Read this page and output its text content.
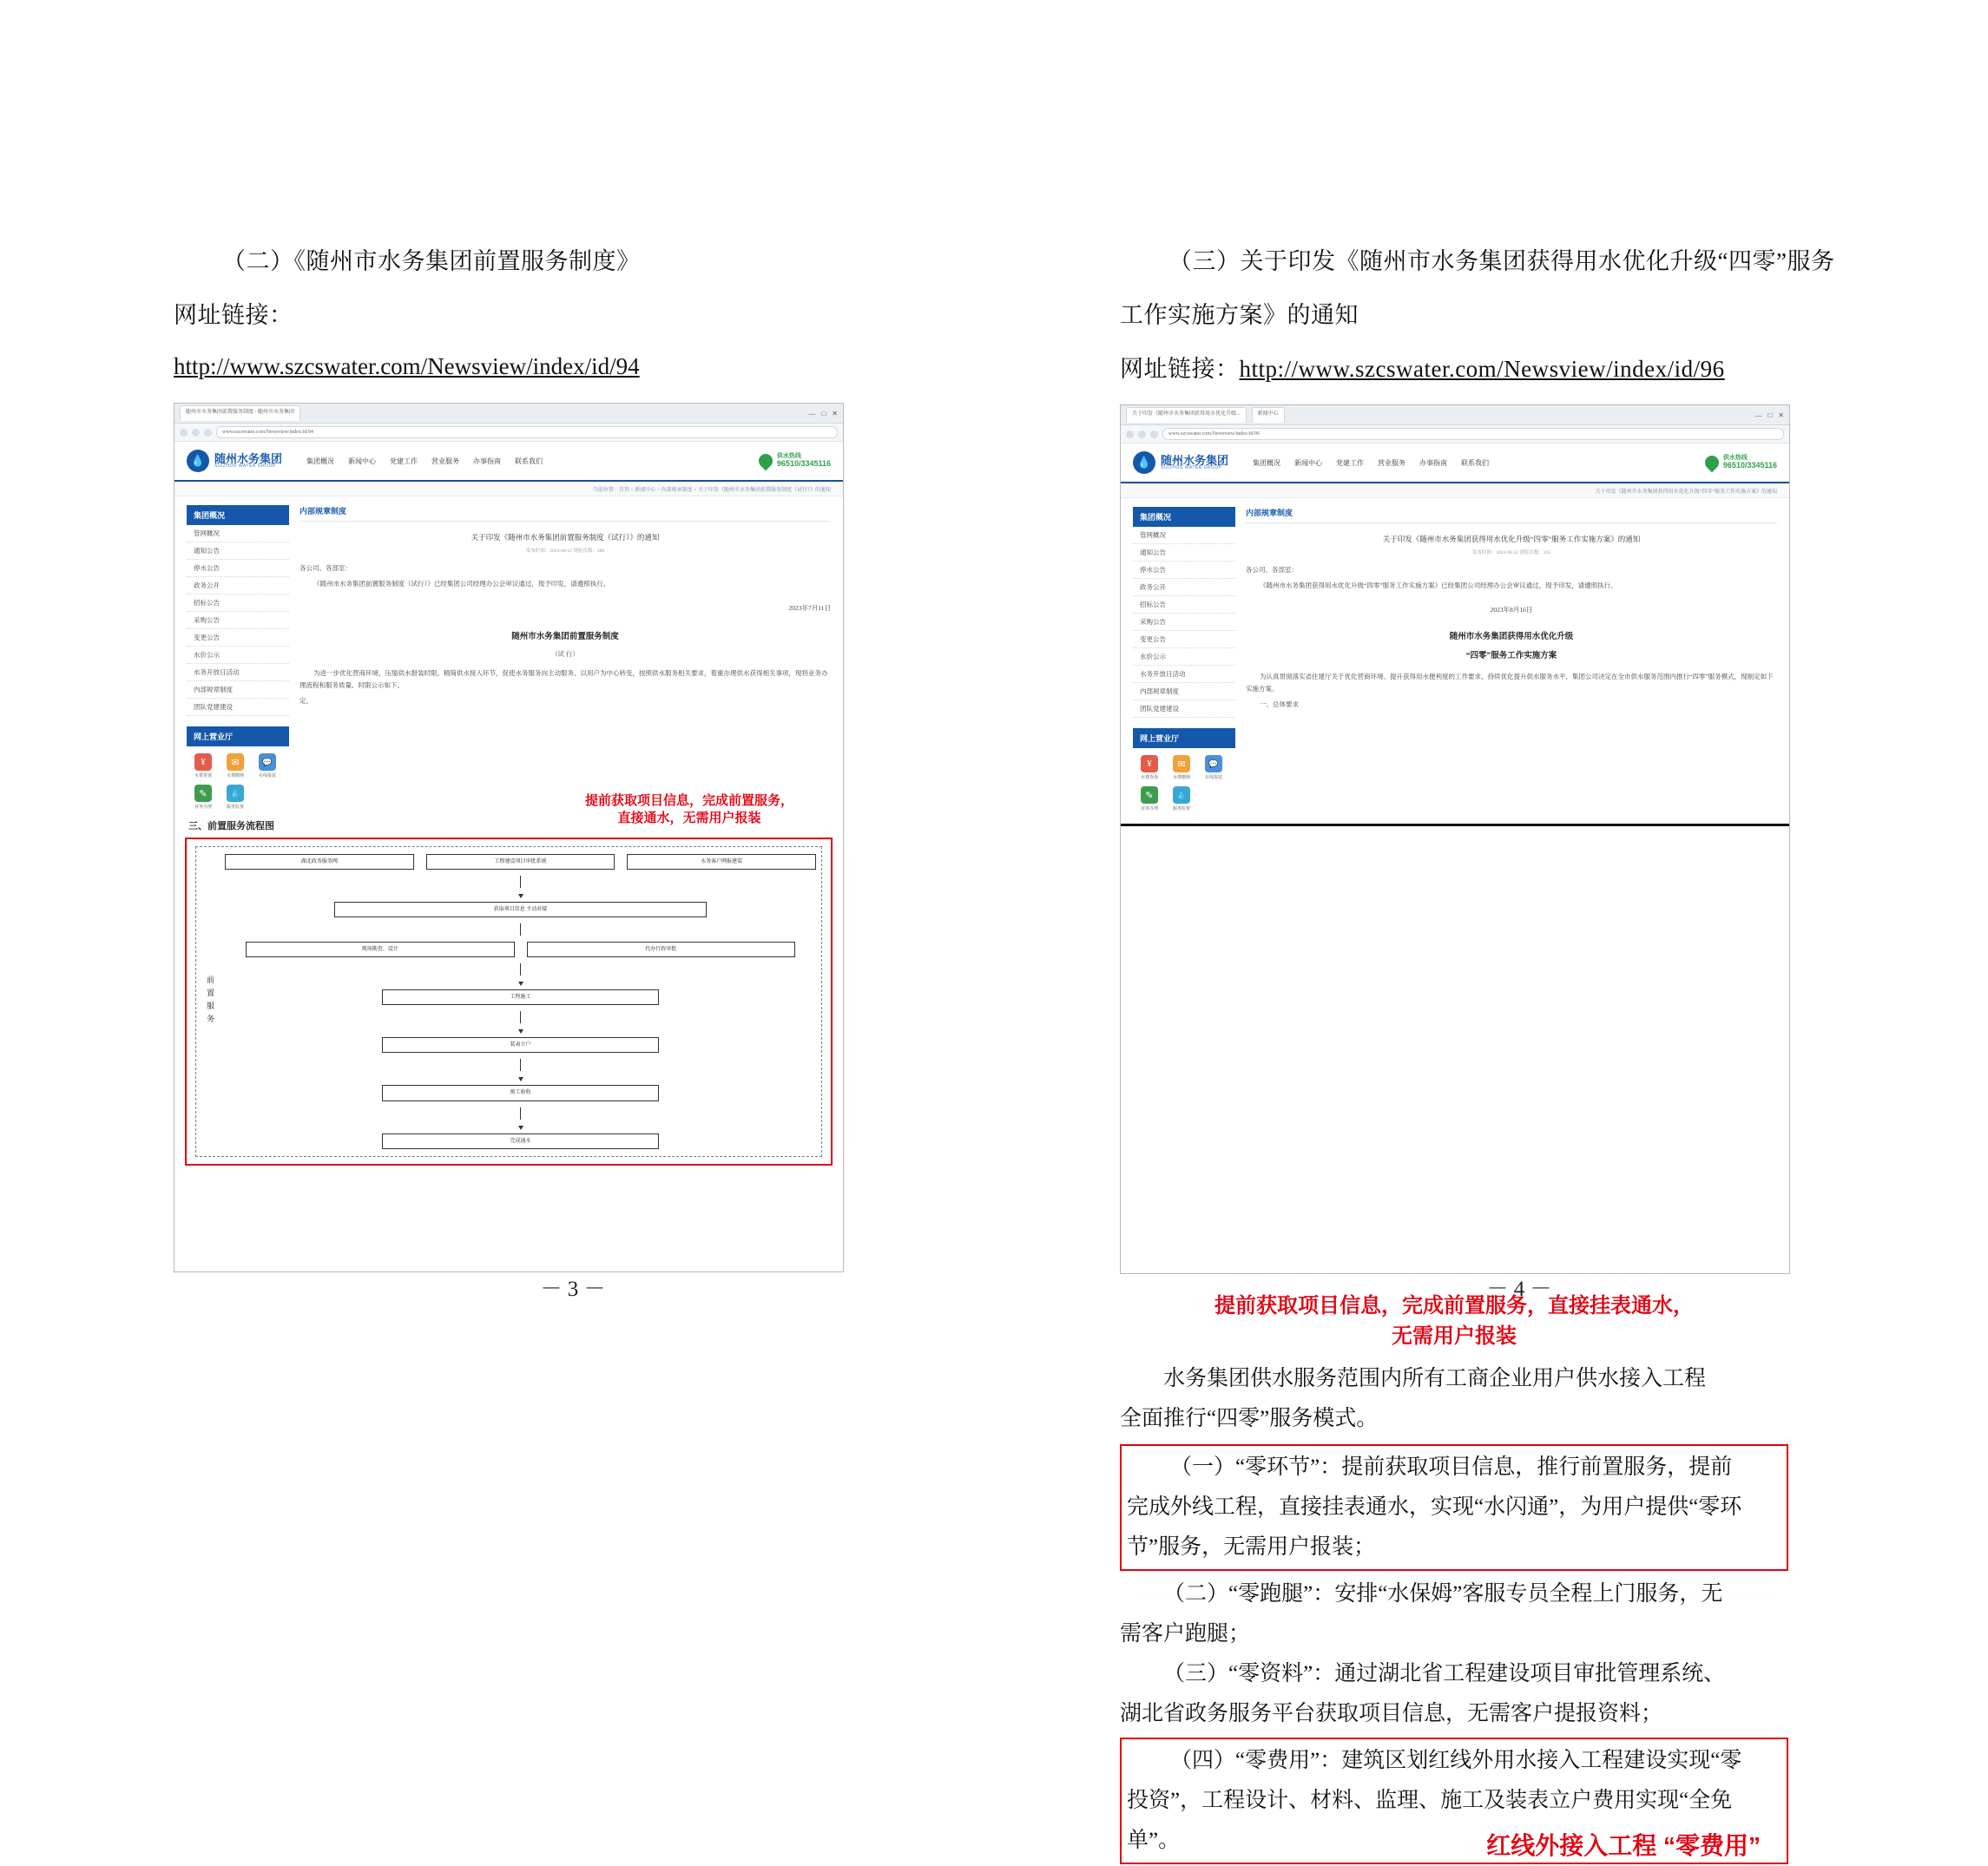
（二）《随州市水务集团前置服务制度》
网址链接：
http://www.szcswater.com/Newsview/index/id/94
随州市水务集团前置服务制度 - 随州市水务集团	— □ ✕
www.szcswater.com/Newsview/index/id/94
💧 随州水务集团
SUIZHOU WATER GROUP
集团概况 新闻中心 党建工作 营业服务 办事指南 联系我们
供水热线
96510/3345116
当前位置：首页 > 新闻中心 > 内部规章制度 > 关于印发《随州市水务集团前置服务制度（试行）》的通知
集团概况
管网概况
通知公告
停水公告
政务公开
招标公告
采购公告
变更公告
水价公示
水务开放日活动
内部规章制度
团队党建建设
网上营业厅
¥
水费查询
✉
水费缴纳
💬
在线报装
✎
业务办理
💧
服务监督
内部规章制度
关于印发《随州市水务集团前置服务制度（试行）》的通知
发布时间：2023-08-22 浏览次数：368

各公司、各部室：

《随州市水务集团前置服务制度（试行）》已经集团公司经理办公会审议通过，现予印发，请遵照执行。

2023年7月11日

随州市水务集团前置服务制度

（试 行）

为进一步优化营商环境，压缩供水报装时限，精简供水接入环节，促使水务服务向主动服务、以用户为中心转变，按照供水服务相关要求，着重办理供水获得相关事项，现将业务办理流程和服务质量、时限公示如下。

定。

提前获取项目信息，完成前置服务，
直接通水，无需用户报装
三、前置服务流程图
前置服务
湖北政务服务网	工程建设项目审批系统	水务客户网报建装
获取项目信息 主动对接
现场勘查、设计	代办行政审批
工程施工
装表立户
竣工验收
完成通水
－ 3 －
（三）关于印发《随州市水务集团获得用水优化升级“四零”服务
工作实施方案》的通知
网址链接：http://www.szcswater.com/Newsview/index/id/96
关于印发《随州市水务集团获得用水优化升级...	新闻中心	— □ ✕
www.szcswater.com/Newsview/index/id/96
💧 随州水务集团
SUIZHOU WATER GROUP
集团概况 新闻中心 党建工作 营业服务 办事指南 联系我们
供水热线
96510/3345116
关于印发《随州市水务集团获得用水优化升级“四零”服务工作实施方案》的通知
集团概况
管网概况
通知公告
停水公告
政务公开
招标公告
采购公告
变更公告
水价公示
水务开放日活动
内部规章制度
团队党建建设
网上营业厅
¥
水费查询
✉
水费缴纳
💬
在线报装
✎
业务办理
💧
服务监督
内部规章制度
关于印发《随州市水务集团获得用水优化升级“四零”服务工作实施方案》的通知
发布时间：2023-08-22 浏览次数：245

各公司、各部室：

《随州市水务集团获得用水优化升级“四零”服务工作实施方案》已经集团公司经理办公会审议通过，现予印发，请遵照执行。

2023年8月16日

随州市水务集团获得用水优化升级

“四零”服务工作实施方案

为认真贯彻落实省住建厅关于优化营商环境、提升获得用水便利度的工作要求，持续优化提升供水服务水平，集团公司决定在全市供水服务范围内推行“四零”服务模式，现制定如下实施方案。

一、总体要求

提前获取项目信息，完成前置服务，直接挂表通水，
无需用户报装
水务集团供水服务范围内所有工商企业用户供水接入工程
全面推行“四零”服务模式。
（一）“零环节”：提前获取项目信息，推行前置服务，提前
完成外线工程，直接挂表通水，实现“水闪通”，为用户提供“零环
节”服务，无需用户报装；
（二）“零跑腿”：安排“水保姆”客服专员全程上门服务，无
需客户跑腿；
（三）“零资料”：通过湖北省工程建设项目审批管理系统、
湖北省政务服务平台获取项目信息，无需客户提报资料；
（四）“零费用”：建筑区划红线外用水接入工程建设实现“零
投资”，工程设计、材料、监理、施工及装表立户费用实现“全免
单”。	红线外接入工程 “零费用”
－ 4 －
